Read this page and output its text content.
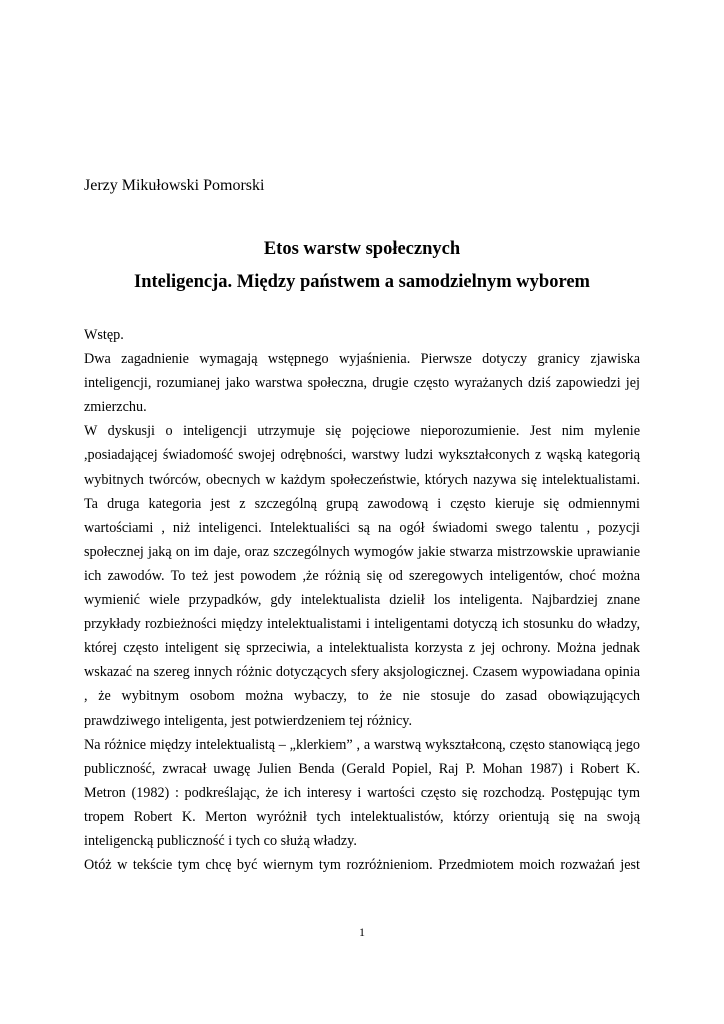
Jerzy Mikułowski Pomorski
Etos warstw społecznych
Inteligencja. Między państwem a samodzielnym wyborem
Wstęp.
Dwa zagadnienie wymagają wstępnego wyjaśnienia. Pierwsze dotyczy granicy zjawiska
inteligencji, rozumianej jako warstwa społeczna, drugie często wyrażanych dziś zapowiedzi jej
zmierzchu.
W dyskusji o inteligencji utrzymuje się pojęciowe nieporozumienie. Jest nim mylenie
,posiadającej świadomość swojej odrębności, warstwy ludzi wykształconych z wąską kategorią
wybitnych twórców, obecnych w każdym społeczeństwie, których nazywa się intelektualistami.
Ta druga kategoria jest z szczególną grupą zawodową i często kieruje się odmiennymi
wartościami , niż inteligenci. Intelektualiści są na ogół świadomi swego talentu , pozycji
społecznej jaką on im daje, oraz szczególnych wymogów jakie stwarza mistrzowskie uprawianie
ich zawodów. To też jest powodem ,że różnią się od szeregowych inteligentów, choć można
wymienić wiele przypadków, gdy intelektualista dzielił los inteligenta. Najbardziej znane
przykłady rozbieżności między intelektualistami i inteligentami dotyczą ich stosunku do władzy,
której często inteligent się sprzeciwia, a intelektualista korzysta z jej ochrony. Można jednak
wskazać na szereg innych różnic dotyczących sfery aksjologicznej. Czasem wypowiadana opinia
, że wybitnym osobom można wybaczy, to że nie stosuje do zasad obowiązujących
prawdziwego inteligenta, jest potwierdzeniem tej różnicy.
Na różnice między intelektualistą – „klerkiem” , a warstwą wykształconą, często stanowiącą jego
publiczność, zwracał uwagę Julien Benda (Gerald Popiel, Raj P. Mohan 1987) i Robert K.
Metron (1982) : podkreślając, że ich interesy i wartości często się rozchodzą. Postępując tym
tropem Robert K. Merton wyróżnił tych intelektualistów, którzy orientują się na swoją
inteligencką publiczność i tych co służą władzy.
Otóż w tekście tym chcę być wiernym tym rozróżnieniom. Przedmiotem moich rozważań jest
1
